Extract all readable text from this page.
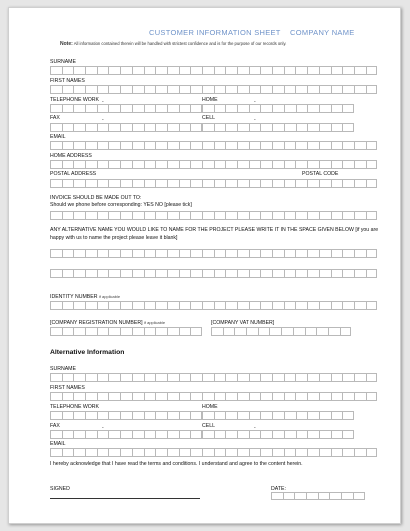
CUSTOMER INFORMATION SHEET COMPANY NAME
Note: All information contained therein will be handled with strictest confidence and is for the purpose of our records only.
SURNAME
FIRST NAMES
TELEPHONE WORK	HOME
-	-
FAX	CELL
-	-
EMAIL
HOME ADDRESS
POSTAL ADDRESS	POSTAL CODE
INVOICE SHOULD BE MADE OUT TO:
Should we phone before corresponding: YES NO [please tick]
ANY ALTERNATIVE NAME YOU WOULD LIKE TO NAME FOR THE PROJECT PLEASE WRITE IT IN THE SPACE GIVEN BELOW [if you are happy with us to name the project please leave it blank]
IDENTITY NUMBER if applicable
[COMPANY REGISTRATION NUMBER] if applicable	[COMPANY VAT NUMBER]
Alternative Information
SURNAME
FIRST NAMES
TELEPHONE WORK	HOME
FAX	CELL
-	-
EMAIL
I hereby acknowledge that I have read the terms and conditions. I understand and agree to the content herein.
SIGNED	DATE:
